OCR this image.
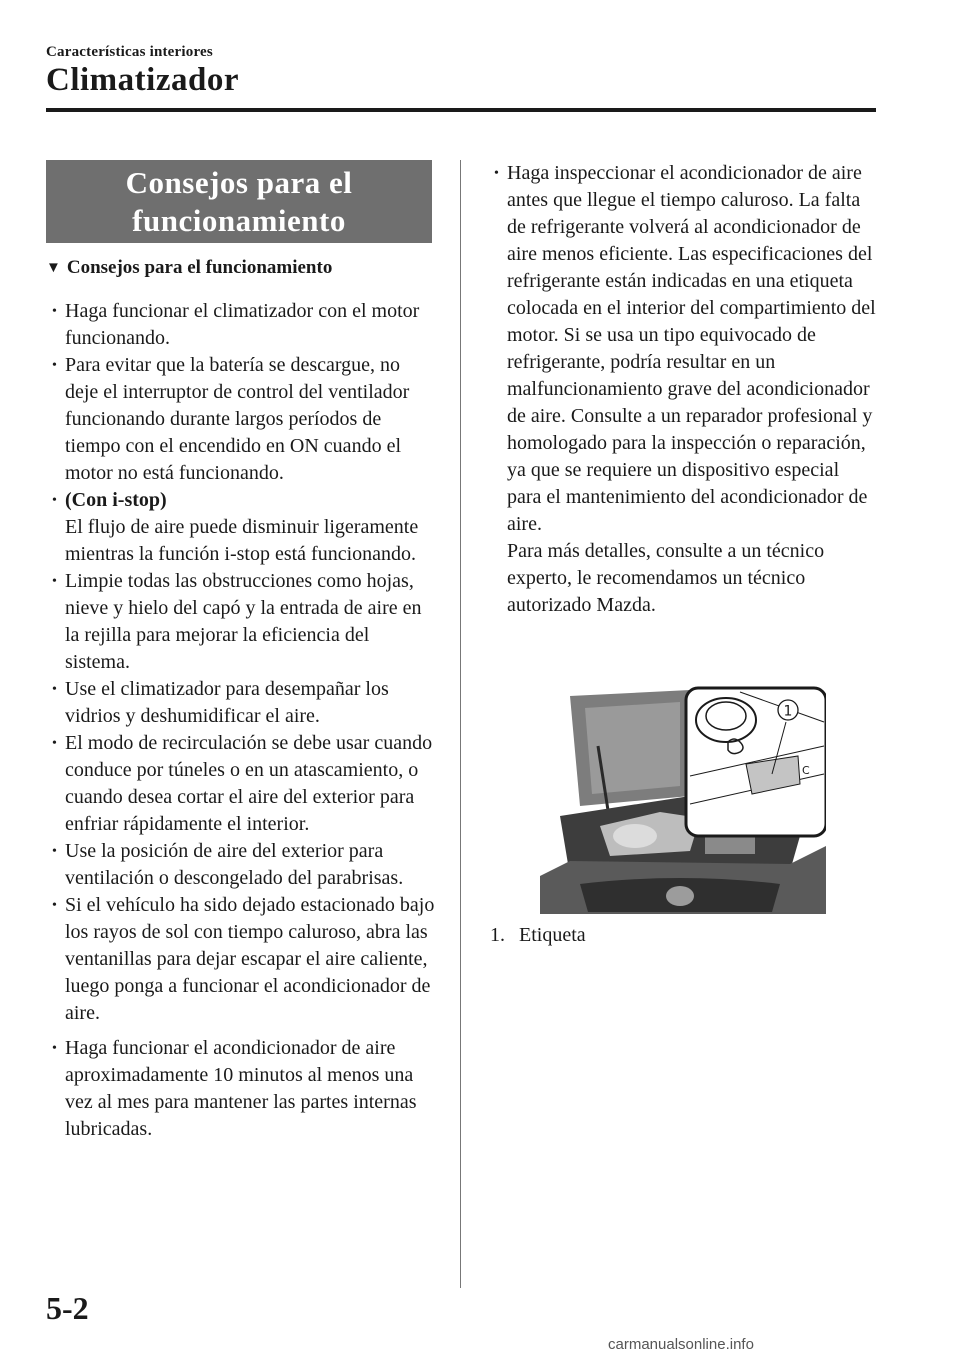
Características interiores
Climatizador
Consejos para el
funcionamiento
▼ Consejos para el funcionamiento
• Haga funcionar el climatizador con el motor funcionando.
• Para evitar que la batería se descargue, no deje el interruptor de control del ventilador funcionando durante largos períodos de tiempo con el encendido en ON cuando el motor no está funcionando.
• (Con i-stop)
El flujo de aire puede disminuir ligeramente mientras la función i-stop está funcionando.
• Limpie todas las obstrucciones como hojas, nieve y hielo del capó y la entrada de aire en la rejilla para mejorar la eficiencia del sistema.
• Use el climatizador para desempañar los vidrios y deshumidificar el aire.
• El modo de recirculación se debe usar cuando conduce por túneles o en un atascamiento, o cuando desea cortar el aire del exterior para enfriar rápidamente el interior.
• Use la posición de aire del exterior para ventilación o descongelado del parabrisas.
• Si el vehículo ha sido dejado estacionado bajo los rayos de sol con tiempo caluroso, abra las ventanillas para dejar escapar el aire caliente, luego ponga a funcionar el acondicionador de aire.
• Haga funcionar el acondicionador de aire aproximadamente 10 minutos al menos una vez al mes para mantener las partes internas lubricadas.
• Haga inspeccionar el acondicionador de aire antes que llegue el tiempo caluroso. La falta de refrigerante volverá al acondicionador de aire menos eficiente. Las especificaciones del refrigerante están indicadas en una etiqueta colocada en el interior del compartimiento del motor. Si se usa un tipo equivocado de refrigerante, podría resultar en un malfuncionamiento grave del acondicionador de aire. Consulte a un reparador profesional y homologado para la inspección o reparación, ya que se requiere un dispositivo especial para el mantenimiento del acondicionador de aire.
Para más detalles, consulte a un técnico experto, le recomendamos un técnico autorizado Mazda.
1
C
1. Etiqueta
5-2
carmanualsonline.info
